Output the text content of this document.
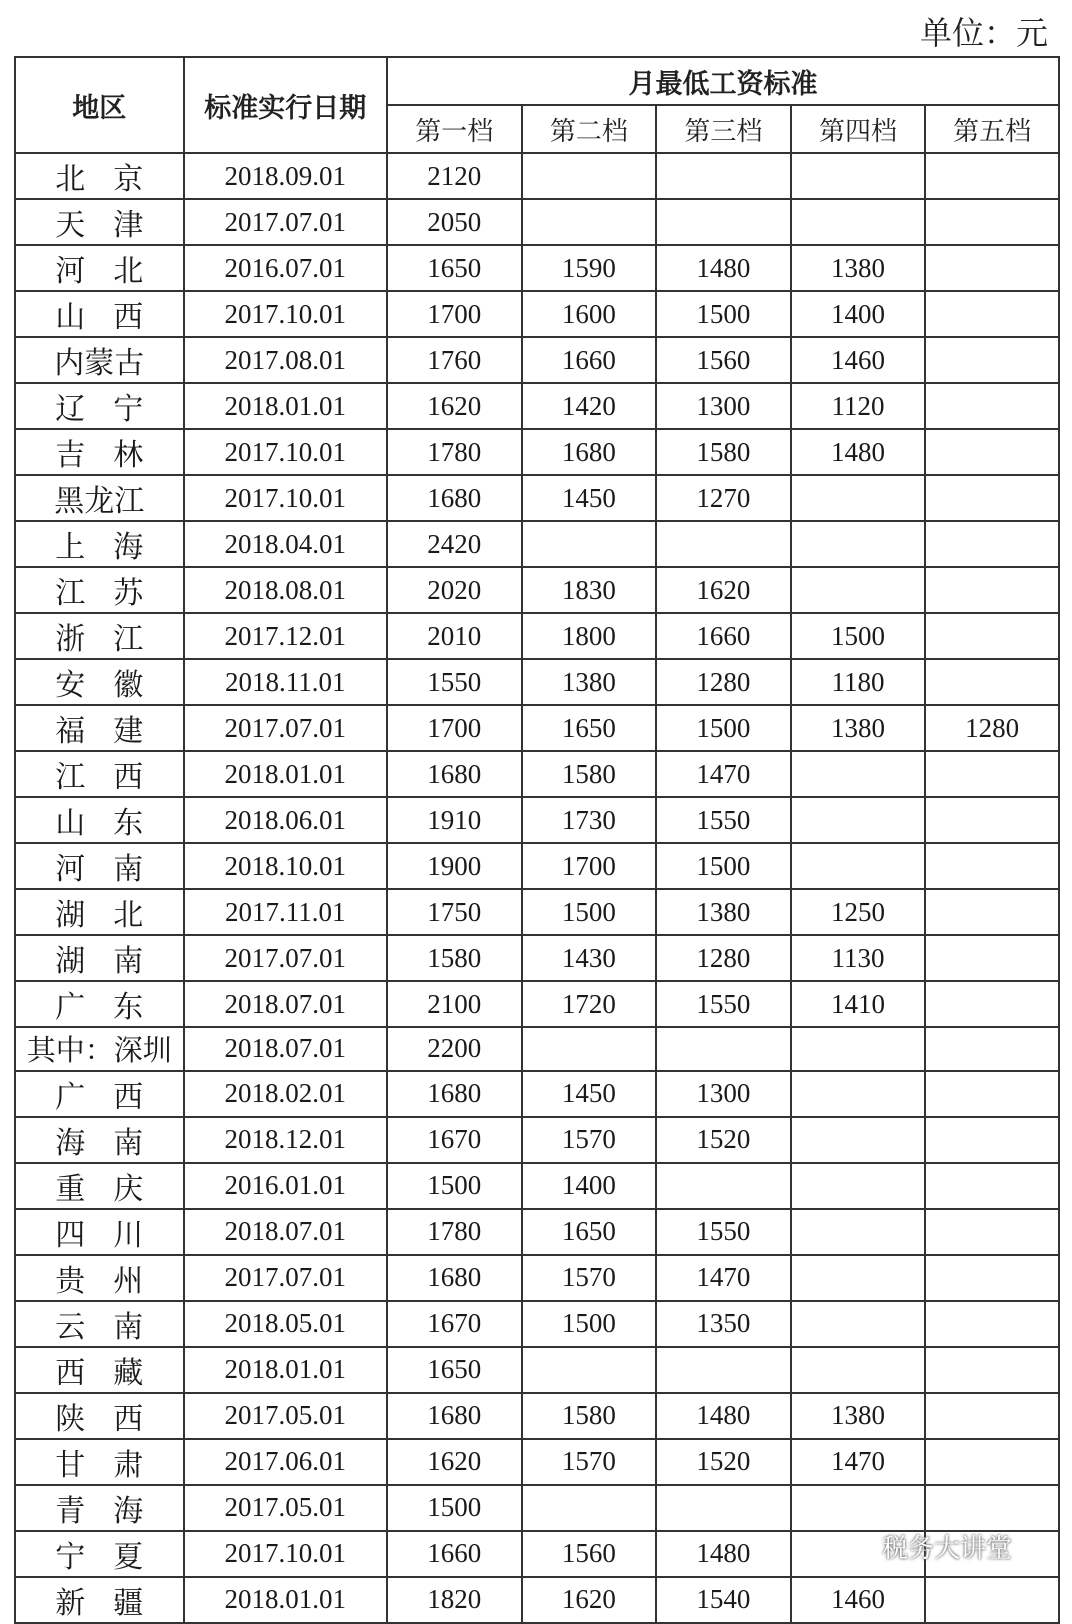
单位：元
地区	标准实行日期	月最低工资标准				
		第一档	第二档	第三档	第四档	第五档
北京	2018.09.01	2120				
天津	2017.07.01	2050				
河北	2016.07.01	1650	1590	1480	1380	
山西	2017.10.01	1700	1600	1500	1400	
内蒙古	2017.08.01	1760	1660	1560	1460	
辽宁	2018.01.01	1620	1420	1300	1120	
吉林	2017.10.01	1780	1680	1580	1480	
黑龙江	2017.10.01	1680	1450	1270		
上海	2018.04.01	2420				
江苏	2018.08.01	2020	1830	1620		
浙江	2017.12.01	2010	1800	1660	1500	
安徽	2018.11.01	1550	1380	1280	1180	
福建	2017.07.01	1700	1650	1500	1380	1280
江西	2018.01.01	1680	1580	1470		
山东	2018.06.01	1910	1730	1550		
河南	2018.10.01	1900	1700	1500		
湖北	2017.11.01	1750	1500	1380	1250	
湖南	2017.07.01	1580	1430	1280	1130	
广东	2018.07.01	2100	1720	1550	1410	
其中：深圳	2018.07.01	2200				
广西	2018.02.01	1680	1450	1300		
海南	2018.12.01	1670	1570	1520		
重庆	2016.01.01	1500	1400			
四川	2018.07.01	1780	1650	1550		
贵州	2017.07.01	1680	1570	1470		
云南	2018.05.01	1670	1500	1350		
西藏	2018.01.01	1650				
陕西	2017.05.01	1680	1580	1480	1380	
甘肃	2017.06.01	1620	1570	1520	1470	
青海	2017.05.01	1500				
宁夏	2017.10.01	1660	1560	1480		
新疆	2018.01.01	1820	1620	1540	1460	
税务大讲堂
